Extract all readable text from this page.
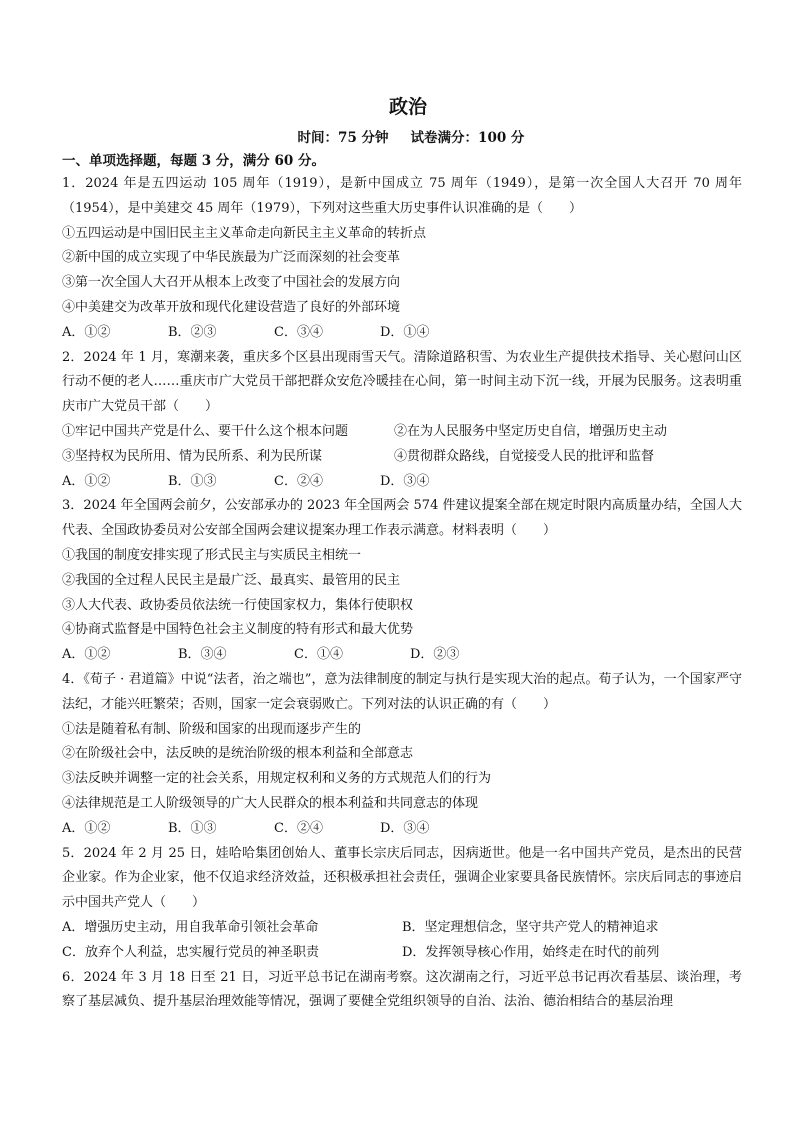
政治
时间：75 分钟 试卷满分：100 分
一、单项选择题，每题 3 分，满分 60 分。
1．2024 年是五四运动 105 周年（1919），是新中国成立 75 周年（1949），是第一次全国人大召开 70 周年（1954），是中美建交 45 周年（1979），下列对这些重大历史事件认识准确的是（　　）
①五四运动是中国旧民主主义革命走向新民主主义革命的转折点
②新中国的成立实现了中华民族最为广泛而深刻的社会变革
③第一次全国人大召开从根本上改变了中国社会的发展方向
④中美建交为改革开放和现代化建设营造了良好的外部环境
A．①②	B．②③	C．③④	D．①④
2．2024 年 1 月，寒潮来袭，重庆多个区县出现雨雪天气。清除道路积雪、为农业生产提供技术指导、关心慰问山区行动不便的老人……重庆市广大党员干部把群众安危冷暖挂在心间，第一时间主动下沉一线，开展为民服务。这表明重庆市广大党员干部（　　）
①牢记中国共产党是什么、要干什么这个根本问题	②在为人民服务中坚定历史自信，增强历史主动
③坚持权为民所用、情为民所系、利为民所谋	④贯彻群众路线，自觉接受人民的批评和监督
A．①②	B．①③	C．②④	D．③④
3．2024 年全国两会前夕，公安部承办的 2023 年全国两会 574 件建议提案全部在规定时限内高质量办结，全国人大代表、全国政协委员对公安部全国两会建议提案办理工作表示满意。材料表明（　　）
①我国的制度安排实现了形式民主与实质民主相统一
②我国的全过程人民民主是最广泛、最真实、最管用的民主
③人大代表、政协委员依法统一行使国家权力，集体行使职权
④协商式监督是中国特色社会主义制度的特有形式和最大优势
A．①②	B．③④	C．①④	D．②③
4．《荀子 · 君道篇》中说“法者，治之端也”，意为法律制度的制定与执行是实现大治的起点。荀子认为，一个国家严守法纪，才能兴旺繁荣；否则，国家一定会衰弱败亡。下列对法的认识正确的有（　　）
①法是随着私有制、阶级和国家的出现而逐步产生的
②在阶级社会中，法反映的是统治阶级的根本利益和全部意志
③法反映并调整一定的社会关系，用规定权利和义务的方式规范人们的行为
④法律规范是工人阶级领导的广大人民群众的根本利益和共同意志的体现
A．①②	B．①③	C．②④	D．③④
5．2024 年 2 月 25 日，娃哈哈集团创始人、董事长宗庆后同志，因病逝世。他是一名中国共产党员，是杰出的民营企业家。作为企业家，他不仅追求经济效益，还积极承担社会责任，强调企业家要具备民族情怀。宗庆后同志的事迹启示中国共产党人（　　）
A．增强历史主动，用自我革命引领社会革命	B．坚定理想信念，坚守共产党人的精神追求
C．放弃个人利益，忠实履行党员的神圣职责	D．发挥领导核心作用，始终走在时代的前列
6．2024 年 3 月 18 日至 21 日，习近平总书记在湖南考察。这次湖南之行，习近平总书记再次看基层、谈治理，考察了基层减负、提升基层治理效能等情况，强调了要健全党组织领导的自治、法治、德治相结合的基层治理
